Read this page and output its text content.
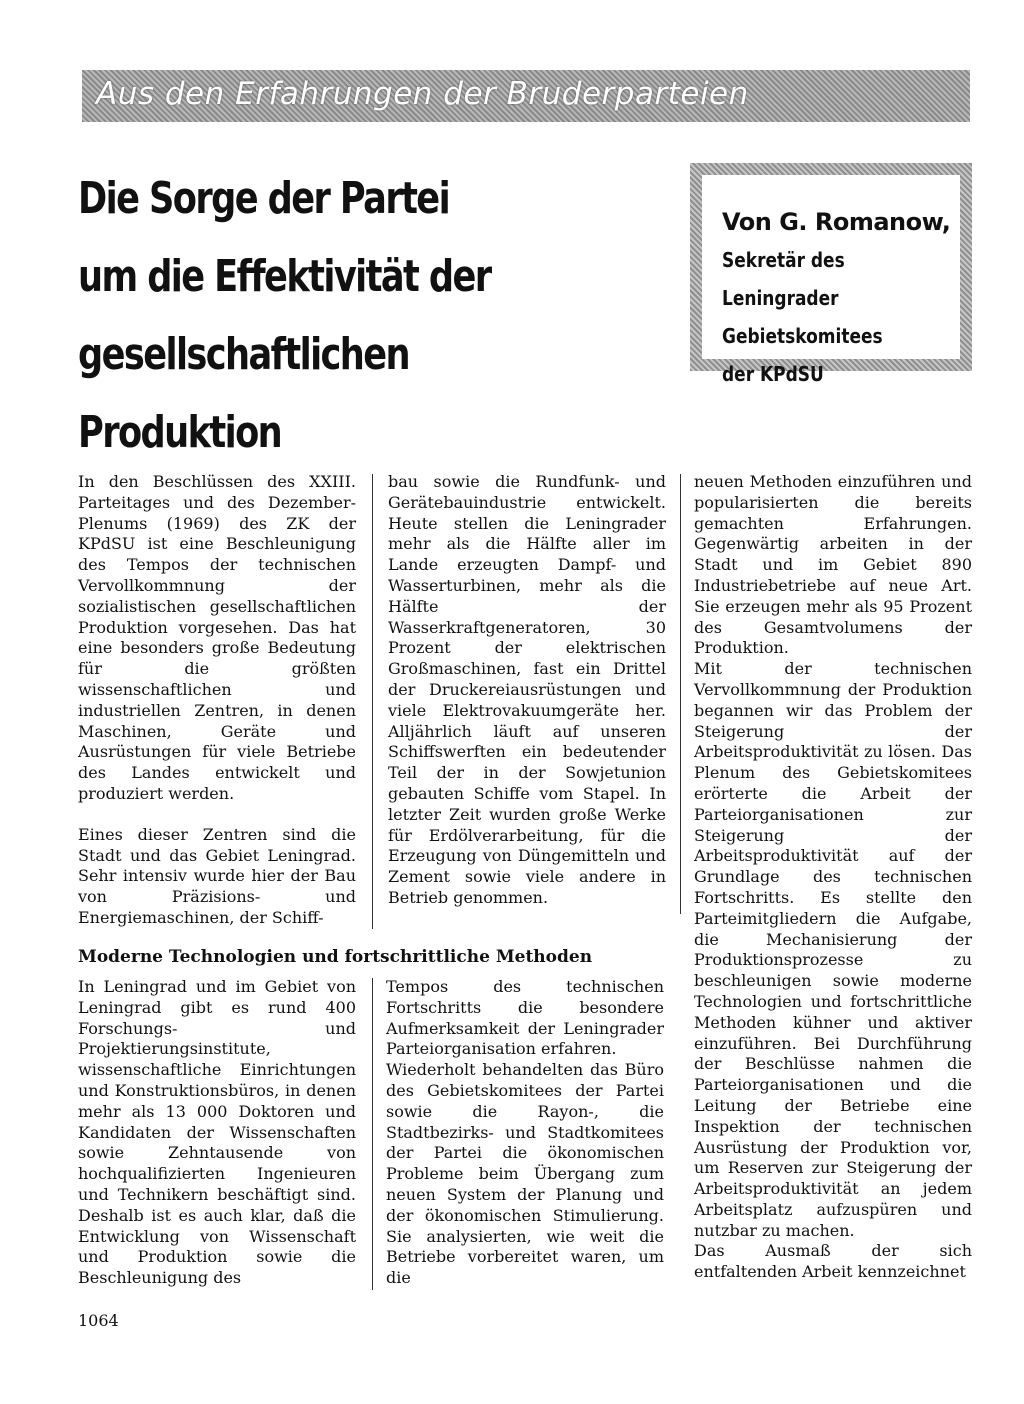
Aus den Erfahrungen der Bruderparteien
Die Sorge der Partei
um die Effektivität der
gesellschaftlichen Produktion
Von G. Romanow,
Sekretär des Leningrader
Gebietskomitees
der KPdSU

In den Beschlüssen des XXIII. Parteitages und des Dezember-Plenums (1969) des ZK der KPdSU ist eine Beschleunigung des Tempos der technischen Vervollkommnung der sozialistischen gesellschaftlichen Produktion vorgesehen. Das hat eine besonders große Bedeutung für die größten wissenschaftlichen und industriellen Zentren, in denen Maschinen, Geräte und Ausrüstungen für viele Betriebe des Landes entwickelt und produziert werden.

Eines dieser Zentren sind die Stadt und das Gebiet Leningrad. Sehr intensiv wurde hier der Bau von Präzisions- und Energiemaschinen, der Schiff-

bau sowie die Rundfunk- und Gerätebauindustrie entwickelt. Heute stellen die Leningrader mehr als die Hälfte aller im Lande erzeugten Dampf- und Wasserturbinen, mehr als die Hälfte der Wasserkraftgeneratoren, 30 Prozent der elektrischen Großmaschinen, fast ein Drittel der Druckereiausrüstungen und viele Elektrovakuumgeräte her. Alljährlich läuft auf unseren Schiffswerften ein bedeutender Teil der in der Sowjetunion gebauten Schiffe vom Stapel. In letzter Zeit wurden große Werke für Erdölverarbeitung, für die Erzeugung von Düngemitteln und Zement sowie viele andere in Betrieb genommen.

neuen Methoden einzuführen und popularisierten die bereits gemachten Erfahrungen. Gegenwärtig arbeiten in der Stadt und im Gebiet 890 Industriebetriebe auf neue Art. Sie erzeugen mehr als 95 Prozent des Gesamtvolumens der Produktion.

Mit der technischen Vervollkommnung der Produktion begannen wir das Problem der Steigerung der Arbeitsproduktivität zu lösen. Das Plenum des Gebietskomitees erörterte die Arbeit der Parteiorganisationen zur Steigerung der Arbeitsproduktivität auf der Grundlage des technischen Fortschritts. Es stellte den Parteimitgliedern die Aufgabe, die Mechanisierung der Produktionsprozesse zu beschleunigen sowie moderne Technologien und fortschrittliche Methoden kühner und aktiver einzuführen. Bei Durchführung der Beschlüsse nahmen die Parteiorganisationen und die Leitung der Betriebe eine Inspektion der technischen Ausrüstung der Produktion vor, um Reserven zur Steigerung der Arbeitsproduktivität an jedem Arbeitsplatz aufzuspüren und nutzbar zu machen.

Das Ausmaß der sich entfaltenden Arbeit kennzeichnet

Moderne Technologien und fortschrittliche Methoden

In Leningrad und im Gebiet von Leningrad gibt es rund 400 Forschungs- und Projektierungsinstitute, wissenschaftliche Einrichtungen und Konstruktionsbüros, in denen mehr als 13 000 Doktoren und Kandidaten der Wissenschaften sowie Zehntausende von hochqualifizierten Ingenieuren und Technikern beschäftigt sind. Deshalb ist es auch klar, daß die Entwicklung von Wissenschaft und Produktion sowie die Beschleunigung des

Tempos des technischen Fortschritts die besondere Aufmerksamkeit der Leningrader Parteiorganisation erfahren.

Wiederholt behandelten das Büro des Gebietskomitees der Partei sowie die Rayon-, die Stadtbezirks- und Stadtkomitees der Partei die ökonomischen Probleme beim Übergang zum neuen System der Planung und der ökonomischen Stimulierung. Sie analysierten, wie weit die Betriebe vorbereitet waren, um die

1064
